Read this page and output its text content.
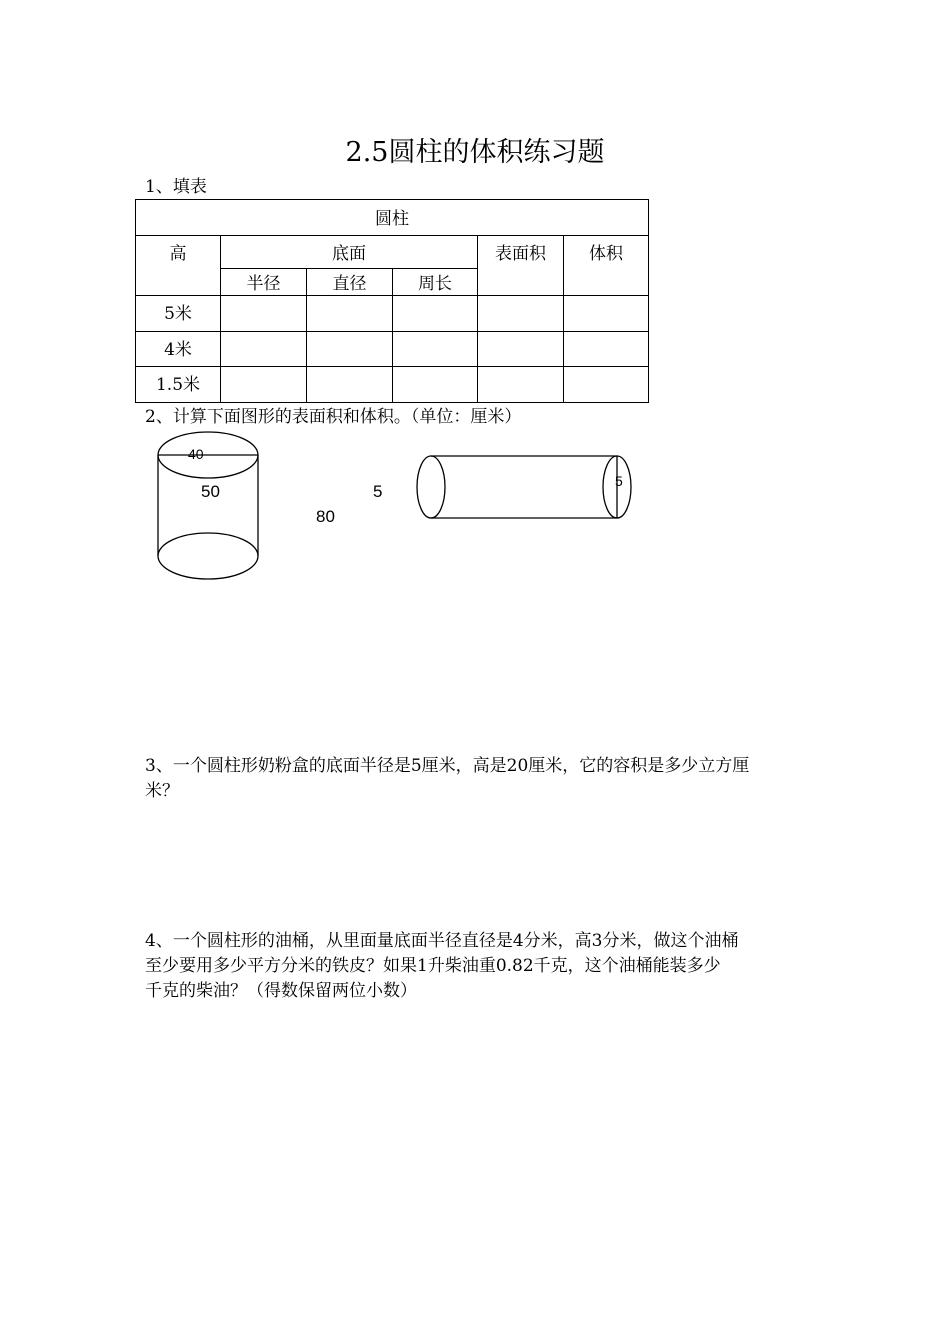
2.5圆柱的体积练习题
1、填表
圆柱					
高	底面			表面积	体积
	半径	直径	周长		
5米					
4米					
1.5米					
2、计算下面图形的表面积和体积。（单位：厘米）
40
50
80
5
5
3、一个圆柱形奶粉盒的底面半径是5厘米，高是20厘米，它的容积是多少立方厘
米？
4、一个圆柱形的油桶，从里面量底面半径直径是4分米，高3分米，做这个油桶
至少要用多少平方分米的铁皮？如果1升柴油重0.82千克，这个油桶能装多少
千克的柴油？（得数保留两位小数）
